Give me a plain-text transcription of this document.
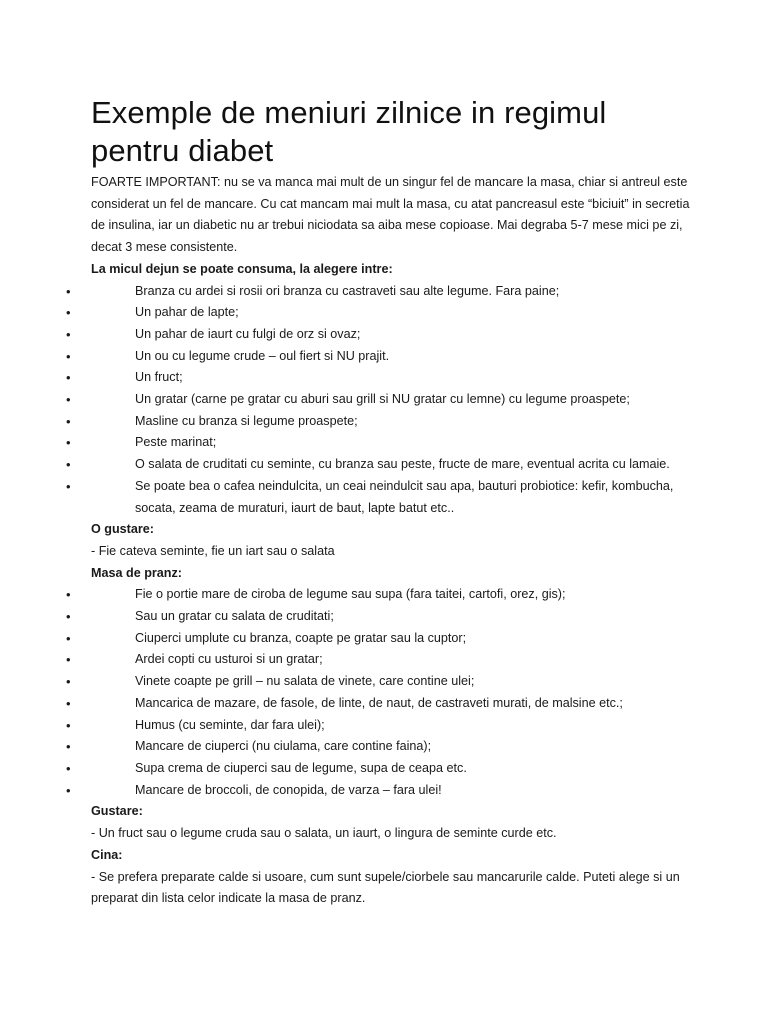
Exemple de meniuri zilnice in regimul pentru diabet

FOARTE IMPORTANT: nu se va manca mai mult de un singur fel de mancare la masa, chiar si antreul este considerat un fel de mancare. Cu cat mancam mai mult la masa, cu atat pancreasul este “biciuit” in secretia de insulina, iar un diabetic nu ar trebui niciodata sa aiba mese copioase. Mai degraba 5-7 mese mici pe zi, decat 3 mese consistente.

La micul dejun se poate consuma, la alegere intre:

•	Branza cu ardei si rosii ori branza cu castraveti sau alte legume. Fara paine;
•	Un pahar de lapte;
•	Un pahar de iaurt cu fulgi de orz si ovaz;
•	Un ou cu legume crude – oul fiert si NU prajit.
•	Un fruct;
•	Un gratar (carne pe gratar cu aburi sau grill si NU gratar cu lemne) cu legume proaspete;
•	Masline cu branza si legume proaspete;
•	Peste marinat;
•	O salata de cruditati cu seminte, cu branza sau peste, fructe de mare, eventual acrita cu lamaie.
•	Se poate bea o cafea neindulcita, un ceai neindulcit sau apa, bauturi probiotice: kefir, kombucha, socata, zeama de muraturi, iaurt de baut, lapte batut etc..

O gustare:

- Fie cateva seminte, fie un iart sau o salata

Masa de pranz:

•	Fie o portie mare de ciroba de legume sau supa (fara taitei, cartofi, orez, gis);
•	Sau un gratar cu salata de cruditati;
•	Ciuperci umplute cu branza, coapte pe gratar sau la cuptor;
•	Ardei copti cu usturoi si un gratar;
•	Vinete coapte pe grill – nu salata de vinete, care contine ulei;
•	Mancarica de mazare, de fasole, de linte, de naut, de castraveti murati, de malsine etc.;
•	Humus (cu seminte, dar fara ulei);
•	Mancare de ciuperci (nu ciulama, care contine faina);
•	Supa crema de ciuperci sau de legume, supa de ceapa etc.
•	Mancare de broccoli, de conopida, de varza – fara ulei!

Gustare:

- Un fruct sau o legume cruda sau o salata, un iaurt, o lingura de seminte curde etc.

Cina:

- Se prefera preparate calde si usoare, cum sunt supele/ciorbele sau mancarurile calde. Puteti alege si un preparat din lista celor indicate la masa de pranz.
